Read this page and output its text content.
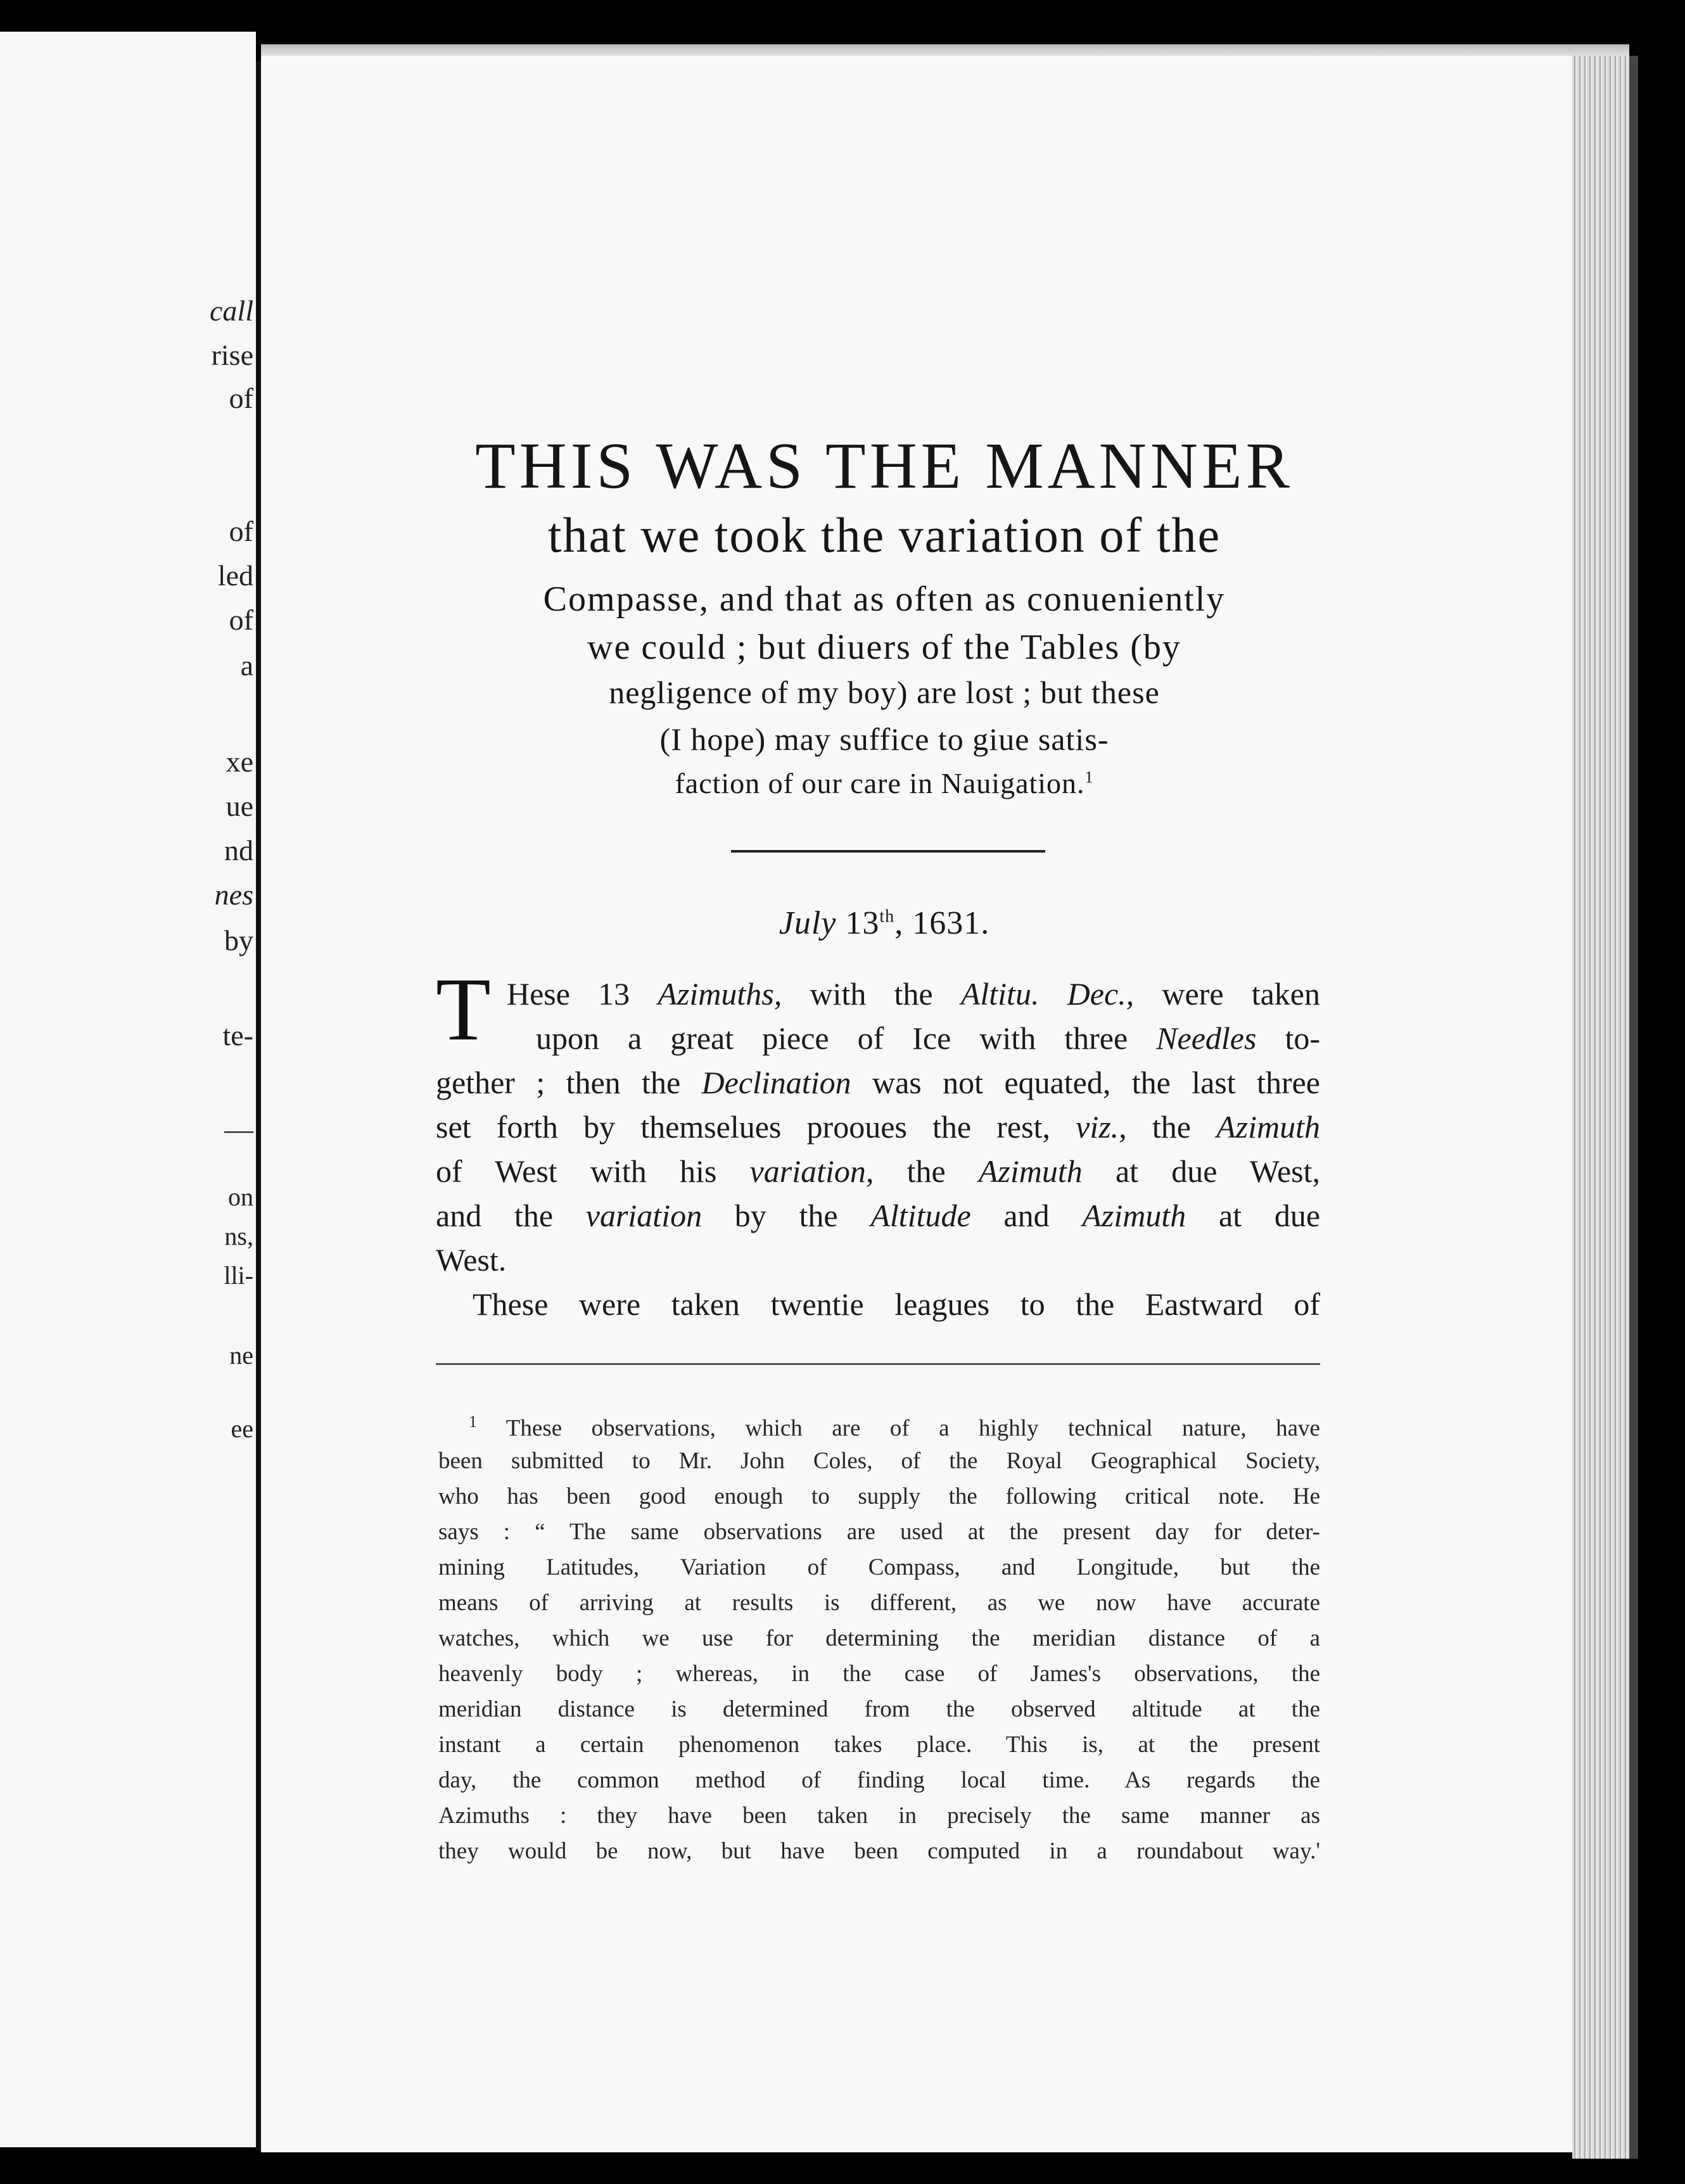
call
rise
of
of
led
of
a
xe
ue
nd
nes
by
te-
—
on
ns,
lli-
ne
ee
THIS WAS THE MANNER
that we took the variation of the
Compasse, and that as often as conueniently
we could ; but diuers of the Tables (by
negligence of my boy) are lost ; but these
(I hope) may suffice to giue satis-
faction of our care in Nauigation.$^1$
July 13th, 1631.
T Hese 13 Azimuths, with the Altitu. Dec., were taken
upon a great piece of Ice with three Needles to-
gether ; then the Declination was not equated, the last three
set forth by themselues prooues the rest, viz., the Azimuth
of West with his variation, the Azimuth at due West,
and the variation by the Altitude and Azimuth at due
West.
These were taken twentie leagues to the Eastward of
$^1$ These observations, which are of a highly technical nature, have
been submitted to Mr. John Coles, of the Royal Geographical Society,
who has been good enough to supply the following critical note. He
says : “ The same observations are used at the present day for deter-
mining Latitudes, Variation of Compass, and Longitude, but the
means of arriving at results is different, as we now have accurate
watches, which we use for determining the meridian distance of a
heavenly body ; whereas, in the case of James's observations, the
meridian distance is determined from the observed altitude at the
instant a certain phenomenon takes place. This is, at the present
day, the common method of finding local time. As regards the
Azimuths : they have been taken in precisely the same manner as
they would be now, but have been computed in a roundabout way.'
